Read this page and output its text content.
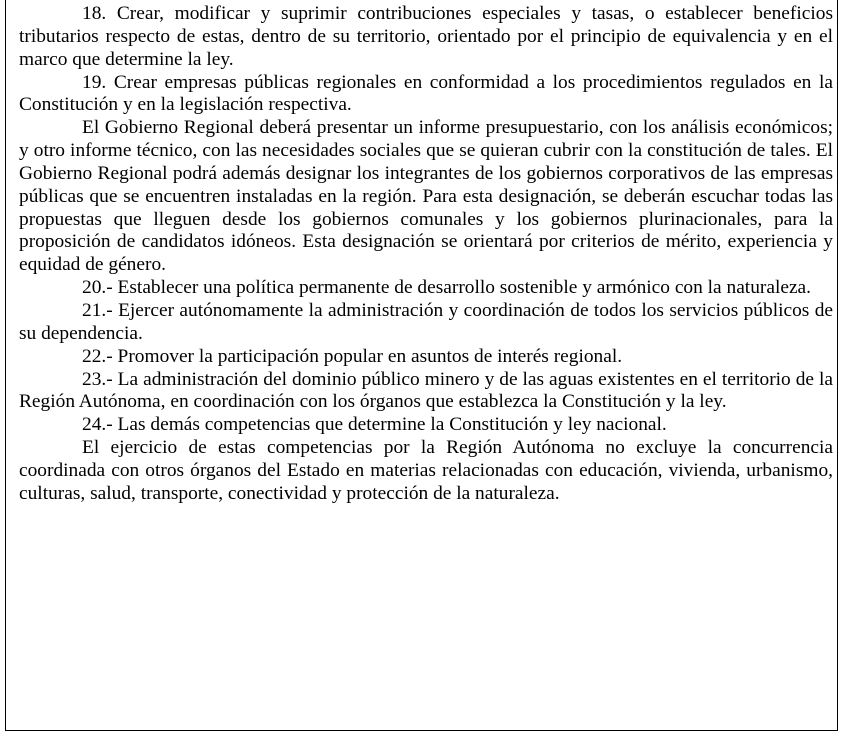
18. Crear, modificar y suprimir contribuciones especiales y tasas, o establecer beneficios tributarios respecto de estas, dentro de su territorio, orientado por el principio de equivalencia y en el marco que determine la ley.

19. Crear empresas públicas regionales en conformidad a los procedimientos regulados en la Constitución y en la legislación respectiva.

El Gobierno Regional deberá presentar un informe presupuestario, con los análisis económicos; y otro informe técnico, con las necesidades sociales que se quieran cubrir con la constitución de tales. El Gobierno Regional podrá además designar los integrantes de los gobiernos corporativos de las empresas públicas que se encuentren instaladas en la región. Para esta designación, se deberán escuchar todas las propuestas que lleguen desde los gobiernos comunales y los gobiernos plurinacionales, para la proposición de candidatos idóneos. Esta designación se orientará por criterios de mérito, experiencia y equidad de género.

20.- Establecer una política permanente de desarrollo sostenible y armónico con la naturaleza.

21.- Ejercer autónomamente la administración y coordinación de todos los servicios públicos de su dependencia.

22.- Promover la participación popular en asuntos de interés regional.

23.- La administración del dominio público minero y de las aguas existentes en el territorio de la Región Autónoma, en coordinación con los órganos que establezca la Constitución y la ley.

24.- Las demás competencias que determine la Constitución y ley nacional.

El ejercicio de estas competencias por la Región Autónoma no excluye la concurrencia coordinada con otros órganos del Estado en materias relacionadas con educación, vivienda, urbanismo, culturas, salud, transporte, conectividad y protección de la naturaleza.
